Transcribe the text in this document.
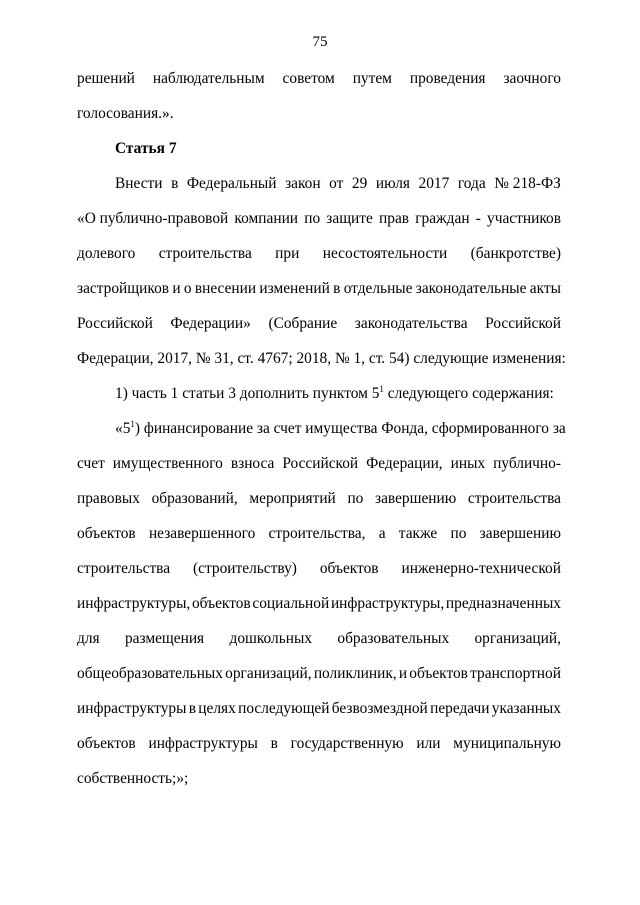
75
решений наблюдательным советом путем проведения заочного
голосования.».
Статья 7
Внести в Федеральный закон от 29 июля 2017 года № 218-ФЗ
«О публично-правовой компании по защите прав граждан - участников
долевого строительства при несостоятельности (банкротстве)
застройщиков и о внесении изменений в отдельные законодательные акты
Российской Федерации» (Собрание законодательства Российской
Федерации, 2017, № 31, ст. 4767; 2018, № 1, ст. 54) следующие изменения:
1) часть 1 статьи 3 дополнить пунктом $5^1$ следующего содержания:
«$5^1$) финансирование за счет имущества Фонда, сформированного за
счет имущественного взноса Российской Федерации, иных публично-
правовых образований, мероприятий по завершению строительства
объектов незавершенного строительства, а также по завершению
строительства (строительству) объектов инженерно-технической
инфраструктуры, объектов социальной инфраструктуры, предназначенных
для размещения дошкольных образовательных организаций,
общеобразовательных организаций, поликлиник, и объектов транспортной
инфраструктуры в целях последующей безвозмездной передачи указанных
объектов инфраструктуры в государственную или муниципальную
собственность;»;
